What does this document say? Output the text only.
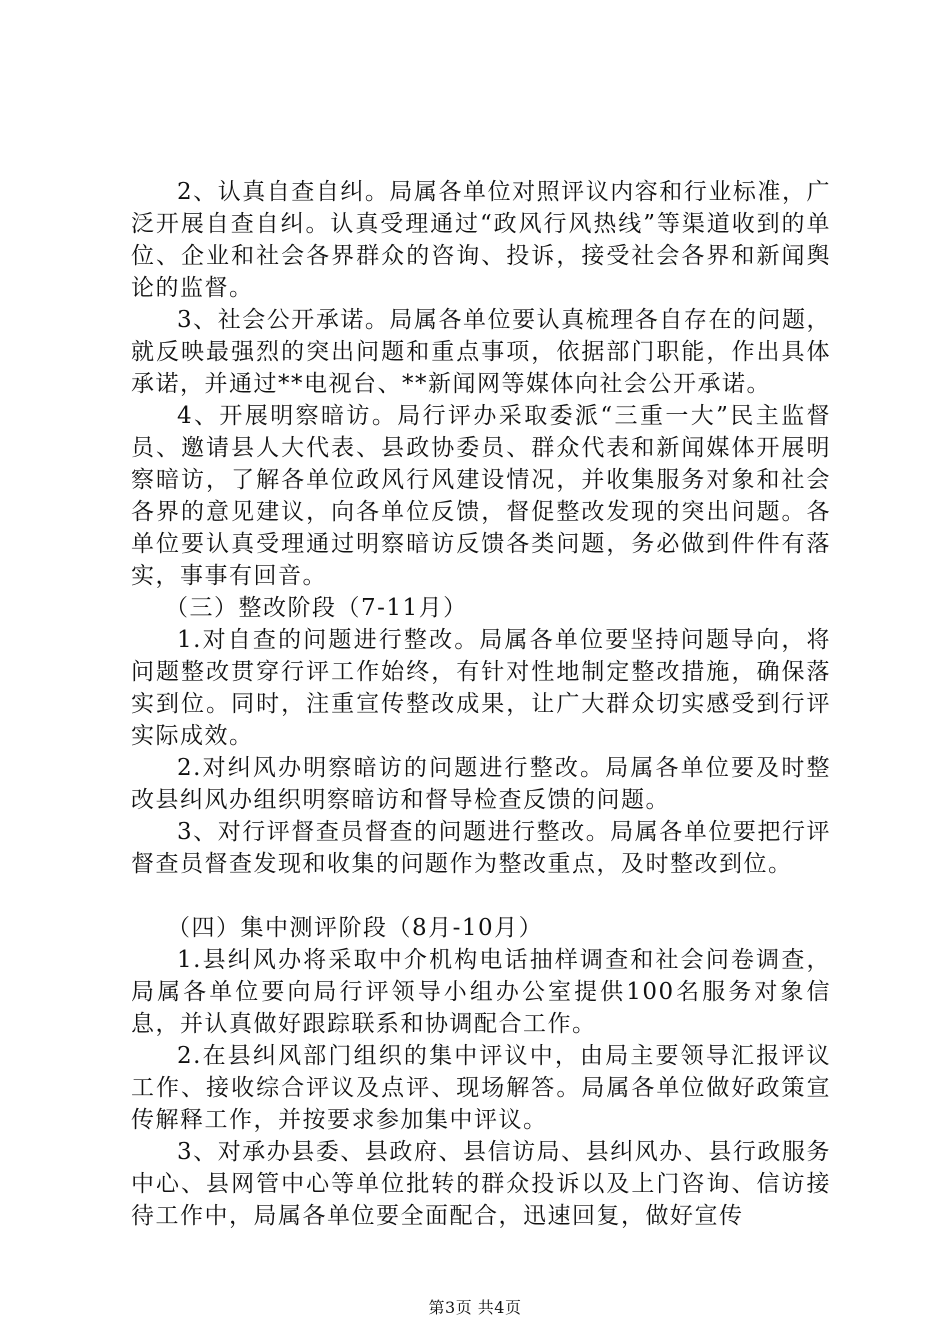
2、认真自查自纠。局属各单位对照评议内容和行业标准，广泛开展自查自纠。认真受理通过“政风行风热线”等渠道收到的单位、企业和社会各界群众的咨询、投诉，接受社会各界和新闻舆论的监督。

3、社会公开承诺。局属各单位要认真梳理各自存在的问题，就反映最强烈的突出问题和重点事项，依据部门职能，作出具体承诺，并通过**电视台、**新闻网等媒体向社会公开承诺。

4、开展明察暗访。局行评办采取委派“三重一大”民主监督员、邀请县人大代表、县政协委员、群众代表和新闻媒体开展明察暗访，了解各单位政风行风建设情况，并收集服务对象和社会各界的意见建议，向各单位反馈，督促整改发现的突出问题。各单位要认真受理通过明察暗访反馈各类问题，务必做到件件有落实，事事有回音。

（三）整改阶段（7-11月）

1.对自查的问题进行整改。局属各单位要坚持问题导向，将问题整改贯穿行评工作始终，有针对性地制定整改措施，确保落实到位。同时，注重宣传整改成果，让广大群众切实感受到行评实际成效。

2.对纠风办明察暗访的问题进行整改。局属各单位要及时整改县纠风办组织明察暗访和督导检查反馈的问题。

3、对行评督查员督查的问题进行整改。局属各单位要把行评督查员督查发现和收集的问题作为整改重点，及时整改到位。

（四）集中测评阶段（8月-10月）

1.县纠风办将采取中介机构电话抽样调查和社会问卷调查，局属各单位要向局行评领导小组办公室提供100名服务对象信息，并认真做好跟踪联系和协调配合工作。

2.在县纠风部门组织的集中评议中，由局主要领导汇报评议工作、接收综合评议及点评、现场解答。局属各单位做好政策宣传解释工作，并按要求参加集中评议。

3、对承办县委、县政府、县信访局、县纠风办、县行政服务中心、县网管中心等单位批转的群众投诉以及上门咨询、信访接待工作中，局属各单位要全面配合，迅速回复，做好宣传

第3页 共4页
